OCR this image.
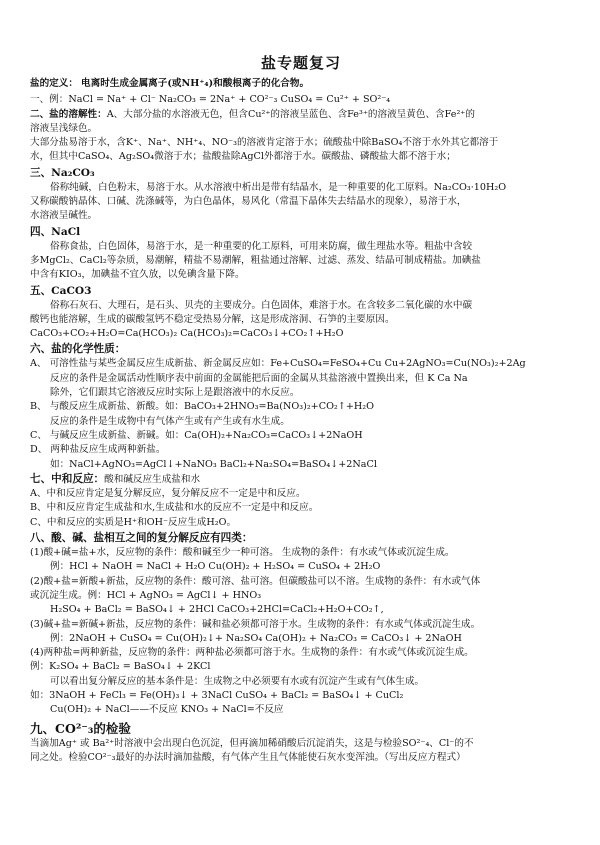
盐专题复习
盐的定义： 电离时生成金属离子(或NH⁺₄)和酸根离子的化合物。
一、例：NaCl = Na⁺ + Cl⁻ Na₂CO₃ = 2Na⁺ + CO²⁻₃ CuSO₄ = Cu²⁺ + SO²⁻₄
二、盐的溶解性：A、大部分盐的水溶液无色，但含Cu²⁺的溶液呈蓝色、含Fe³⁺的溶液呈黄色、含Fe²⁺的
溶液呈浅绿色。
大部分盐易溶于水，含K⁺、Na⁺、NH⁺₄、NO⁻₃的溶液肯定溶于水；硫酸盐中除BaSO₄不溶于水外其它都溶于
水，但其中CaSO₄、Ag₂SO₄微溶于水；盐酸盐除AgCl外都溶于水。碳酸盐、磷酸盐大都不溶于水；
三、Na₂CO₃
俗称纯碱，白色粉末，易溶于水。从水溶液中析出是带有结晶水，是一种重要的化工原料。Na₂CO₃·10H₂O
又称碳酸钠晶体、口碱、洗涤碱等，为白色晶体，易风化（常温下晶体失去结晶水的现象），易溶于水，
水溶液呈碱性。
四、NaCl
俗称食盐，白色固体，易溶于水，是一种重要的化工原料，可用来防腐，做生理盐水等。粗盐中含较
多MgCl₂、CaCl₂等杂质，易潮解，精盐不易潮解，粗盐通过溶解、过滤、蒸发、结晶可制成精盐。加碘盐
中含有KIO₃，加碘盐不宜久放，以免碘含量下降。
五、CaCO3
俗称石灰石、大理石，是石头、贝壳的主要成分。白色固体，难溶于水。在含较多二氧化碳的水中碳
酸钙也能溶解，生成的碳酸氢钙不稳定受热易分解，这是形成溶洞、石笋的主要原因。
CaCO₃+CO₂+H₂O=Ca(HCO₃)₂ Ca(HCO₃)₂=CaCO₃↓+CO₂↑+H₂O
六、盐的化学性质：
A、 可溶性盐与某些金属反应生成新盐、新金属反应如：Fe+CuSO₄=FeSO₄+Cu Cu+2AgNO₃=Cu(NO₃)₂+2Ag
反应的条件是金属活动性顺序表中前面的金属能把后面的金属从其盐溶液中置换出来，但 K Ca Na
除外，它们跟其它溶液反应时实际上是跟溶液中的水反应。
B、 与酸反应生成新盐、新酸。如：BaCO₃+2HNO₃=Ba(NO₃)₂+CO₂↑+H₂O
反应的条件是生成物中有气体产生或有产生或有水生成。
C、 与碱反应生成新盐、新碱。如：Ca(OH)₂+Na₂CO₃=CaCO₃↓+2NaOH
D、 两种盐反应生成两种新盐。
如：NaCl+AgNO₃=AgCl↓+NaNO₃ BaCl₂+Na₂SO₄=BaSO₄↓+2NaCl
七、中和反应：酸和碱反应生成盐和水
A、中和反应肯定是复分解反应，复分解反应不一定是中和反应。
B、中和反应肯定生成盐和水,生成盐和水的反应不一定是中和反应。
C、中和反应的实质是H⁺和OH⁻反应生成H₂O。
八、酸、碱、盐相互之间的复分解反应有四类：
(1)酸+碱=盐+水，反应物的条件：酸和碱至少一种可溶。 生成物的条件：有水或气体或沉淀生成。
例：HCl + NaOH = NaCl + H₂O Cu(OH)₂ + H₂SO₄ = CuSO₄ + 2H₂O
(2)酸+盐=新酸+新盐，反应物的条件：酸可溶、盐可溶。但碳酸盐可以不溶。生成物的条件：有水或气体
或沉淀生成。例：HCl + AgNO₃ = AgCl↓ + HNO₃
H₂SO₄ + BaCl₂ = BaSO₄↓ + 2HCl CaCO₃+2HCl=CaCl₂+H₂O+CO₂↑,
(3)碱+盐=新碱+新盐，反应物的条件：碱和盐必须都可溶于水。生成物的条件：有水或气体或沉淀生成。
例：2NaOH + CuSO₄ = Cu(OH)₂↓+ Na₂SO₄ Ca(OH)₂ + Na₂CO₃ = CaCO₃↓ + 2NaOH
(4)两种盐=两种新盐，反应物的条件：两种盐必须都可溶于水。生成物的条件：有水或气体或沉淀生成。
例：K₂SO₄ + BaCl₂ = BaSO₄↓ + 2KCl
可以看出复分解反应的基本条件是：生成物之中必须要有水或有沉淀产生或有气体生成。
如：3NaOH + FeCl₃ = Fe(OH)₃↓ + 3NaCl CuSO₄ + BaCl₂ = BaSO₄↓ + CuCl₂
Cu(OH)₂ + NaCl——不反应 KNO₃ + NaCl=不反应
九、CO²⁻₃的检验
当滴加Ag⁺ 或 Ba²⁺时溶液中会出现白色沉淀，但再滴加稀硝酸后沉淀消失，这是与检验SO²⁻₄、Cl⁻的不
同之处。检验CO²⁻₃最好的办法时滴加盐酸，有气体产生且气体能使石灰水变浑浊。（写出反应方程式）
